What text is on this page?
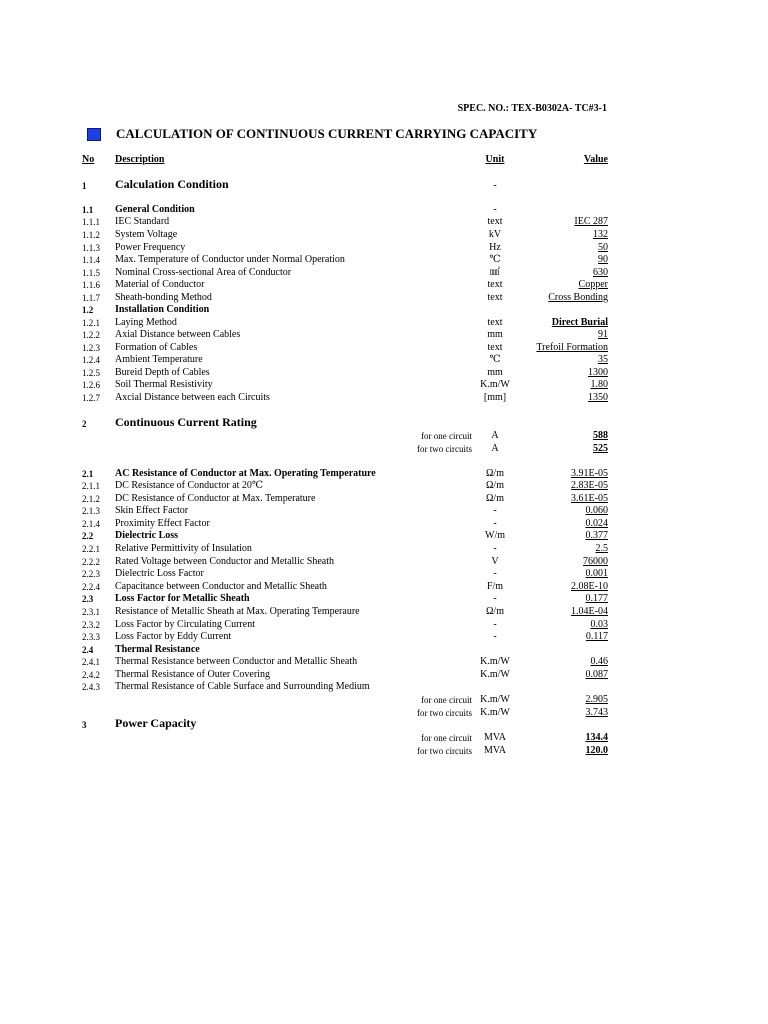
SPEC. NO.: TEX-B0302A- TC#3-1
CALCULATION OF CONTINUOUS CURRENT CARRYING CAPACITY
No Description	Unit	Value
1	Calculation Condition	-
1.1	General Condition	-
1.1.1	IEC Standard	text	IEC 287
1.1.2	System Voltage	kV	132
1.1.3	Power Frequency	Hz	50
1.1.4	Max. Temperature of Conductor under Normal Operation	℃	90
1.1.5	Nominal Cross-sectional Area of Conductor	㎟	630
1.1.6	Material of Conductor	text	Copper
1.1.7	Sheath-bonding Method	text	Cross Bonding
1.2	Installation Condition
1.2.1	Laying Method	text	Direct Burial
1.2.2	Axial Distance between Cables	mm	91
1.2.3	Formation of Cables	text	Trefoil Formation
1.2.4	Ambient Temperature	℃	35
1.2.5	Bureid Depth of Cables	mm	1300
1.2.6	Soil Thermal Resistivity	K.m/W	1.80
1.2.7	Axcial Distance between each Circuits	[mm]	1350
2	Continuous Current Rating
for one circuit	A	588
for two circuits	A	525
2.1	AC Resistance of Conductor at Max. Operating Temperature	Ω/m	3.91E-05
2.1.1	DC Resistance of Conductor at 20℃	Ω/m	2.83E-05
2.1.2	DC Resistance of Conductor at Max. Temperature	Ω/m	3.61E-05
2.1.3	Skin Effect Factor	-	0.060
2.1.4	Proximity Effect Factor	-	0.024
2.2	Dielectric Loss	W/m	0.377
2.2.1	Relative Permittivity of Insulation	-	2.5
2.2.2	Rated Voltage between Conductor and Metallic Sheath	V	76000
2.2.3	Dielectric Loss Factor	-	0.001
2.2.4	Capacitance between Conductor and Metallic Sheath	F/m	2.08E-10
2.3	Loss Factor for Metallic Sheath	-	0.177
2.3.1	Resistance of Metallic Sheath at Max. Operating Temperaure	Ω/m	1.04E-04
2.3.2	Loss Factor by Circulating Current	-	0.03
2.3.3	Loss Factor by Eddy Current	-	0.117
2.4	Thermal Resistance
2.4.1	Thermal Resistance between Conductor and Metallic Sheath	K.m/W	0.46
2.4.2	Thermal Resistance of Outer Covering	K.m/W	0.087
2.4.3	Thermal Resistance of Cable Surface and Surrounding Medium
for one circuit K.m/W	2.905
for two circuits K.m/W	3.743
3	Power Capacity
for one circuit	MVA	134.4
for two circuits	MVA	120.0
